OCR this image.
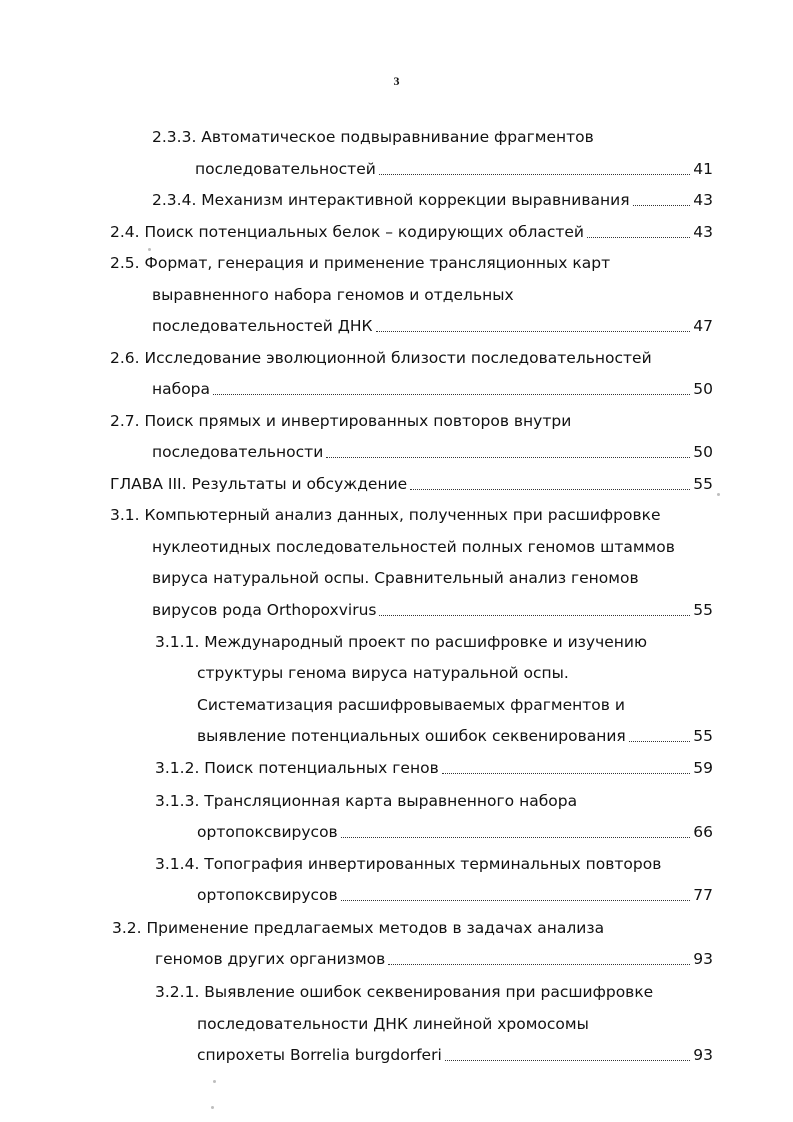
3
2.3.3. Автоматическое подвыравнивание фрагментов
последовательностей	41
2.3.4. Механизм интерактивной коррекции выравнивания	43
2.4. Поиск потенциальных белок – кодирующих областей	43
2.5. Формат, генерация и применение трансляционных карт
выравненного набора геномов и отдельных
последовательностей ДНК	47
2.6. Исследование эволюционной близости последовательностей
набора	50
2.7. Поиск прямых и инвертированных повторов внутри
последовательности	50
ГЛАВА III. Результаты и обсуждение	55
3.1. Компьютерный анализ данных, полученных при расшифровке
нуклеотидных последовательностей полных геномов штаммов
вируса натуральной оспы. Сравнительный анализ геномов
вирусов рода Orthopoxvirus	55
3.1.1. Международный проект по расшифровке и изучению
структуры генома вируса натуральной оспы.
Систематизация расшифровываемых фрагментов и
выявление потенциальных ошибок секвенирования	55
3.1.2. Поиск потенциальных генов	59
3.1.3. Трансляционная карта выравненного набора
ортопоксвирусов	66
3.1.4. Топография инвертированных терминальных повторов
ортопоксвирусов	77
3.2. Применение предлагаемых методов в задачах анализа
геномов других организмов	93
3.2.1. Выявление ошибок секвенирования при расшифровке
последовательности ДНК линейной хромосомы
спирохеты Borrelia burgdorferi	93
